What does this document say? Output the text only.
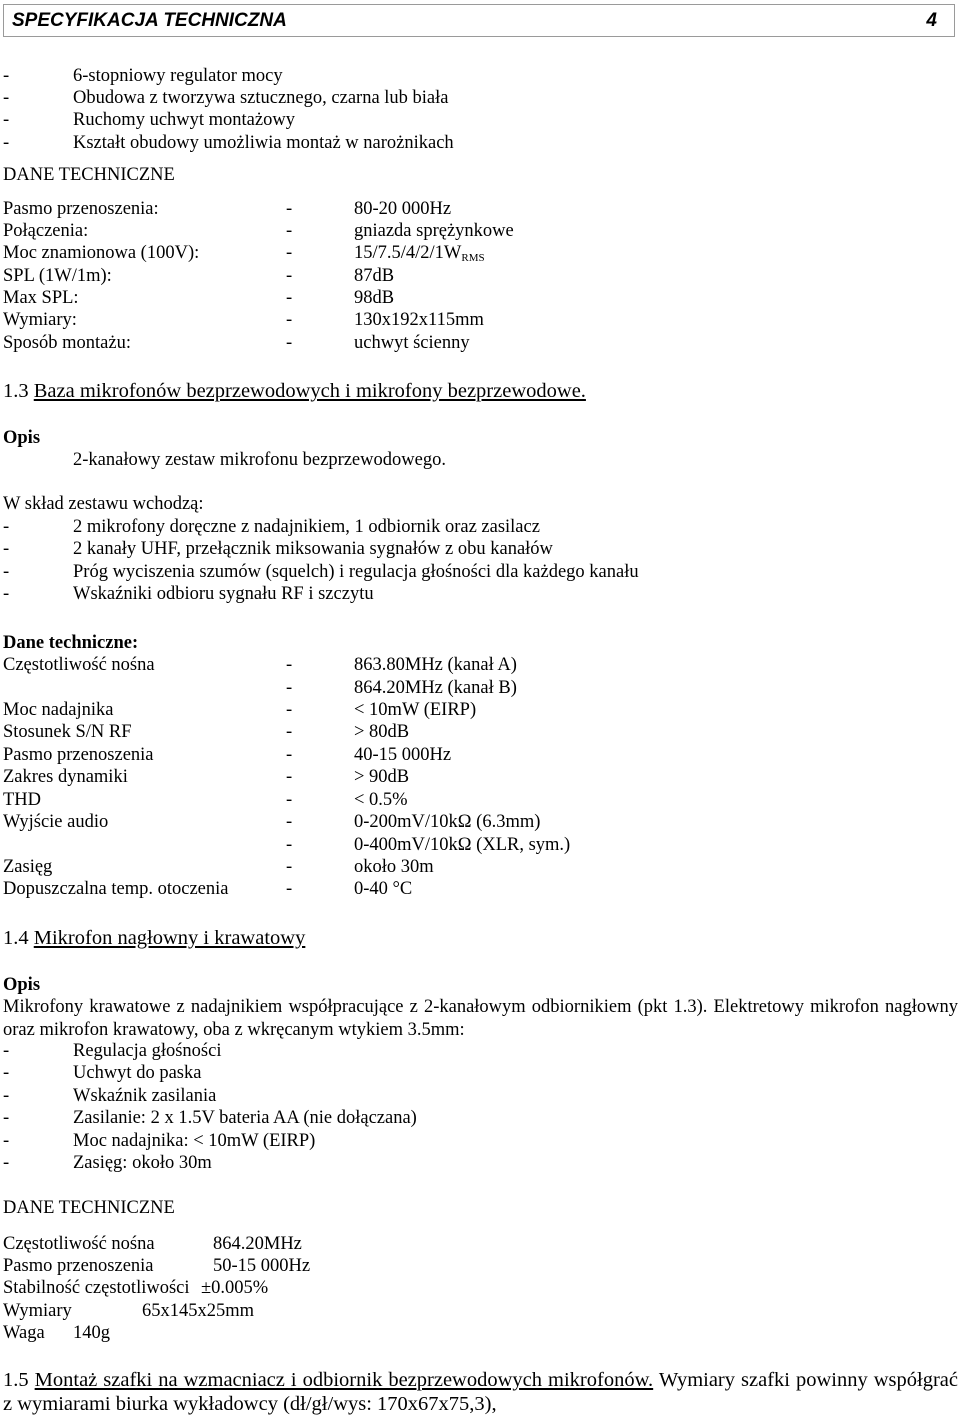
SPECYFIKACJA TECHNICZNA	4
-	6-stopniowy regulator mocy
-	Obudowa z tworzywa sztucznego, czarna lub biała
-	Ruchomy uchwyt montażowy
-	Kształt obudowy umożliwia montaż w narożnikach
DANE TECHNICZNE
Pasmo przenoszenia:	-	80-20 000Hz
Połączenia:	-	gniazda sprężynkowe
Moc znamionowa (100V):	-	$15/7.5/4/2/1W_{RMS}$
SPL (1W/1m):	-	87dB
Max SPL:	-	98dB
Wymiary:	-	130x192x115mm
Sposób montażu:	-	uchwyt ścienny
1.3 Baza mikrofonów bezprzewodowych i mikrofony bezprzewodowe.
Opis
2-kanałowy zestaw mikrofonu bezprzewodowego.
W skład zestawu wchodzą:
-	2 mikrofony doręczne z nadajnikiem, 1 odbiornik oraz zasilacz
-	2 kanały UHF, przełącznik miksowania sygnałów z obu kanałów
-	Próg wyciszenia szumów (squelch) i regulacja głośności dla każdego kanału
-	Wskaźniki odbioru sygnału RF i szczytu
Dane techniczne:
Częstotliwość nośna	-	863.80MHz (kanał A)
-	864.20MHz (kanał B)
Moc nadajnika	-	< 10mW (EIRP)
Stosunek S/N RF	-	> 80dB
Pasmo przenoszenia	-	40-15 000Hz
Zakres dynamiki	-	> 90dB
THD	-	< 0.5%
Wyjście audio	-	0-200mV/10kΩ (6.3mm)
-	0-400mV/10kΩ (XLR, sym.)
Zasięg	-	około 30m
Dopuszczalna temp. otoczenia	-	0-40 °C
1.4 Mikrofon nagłowny i krawatowy
Opis
Mikrofony krawatowe z nadajnikiem współpracujące z 2-kanałowym odbiornikiem (pkt 1.3). Elektretowy mikrofon nagłowny oraz mikrofon krawatowy, oba z wkręcanym wtykiem 3.5mm:
-	Regulacja głośności
-	Uchwyt do paska
-	Wskaźnik zasilania
-	Zasilanie: 2 x 1.5V bateria AA (nie dołączana)
-	Moc nadajnika: < 10mW (EIRP)
-	Zasięg: około 30m
DANE TECHNICZNE
Częstotliwość nośna	864.20MHz
Pasmo przenoszenia	50-15 000Hz
Stabilność częstotliwości ±0.005%
Wymiary	65x145x25mm
Waga 140g
1.5 Montaż szafki na wzmacniacz i odbiornik bezprzewodowych mikrofonów. Wymiary szafki powinny współgrać z wymiarami biurka wykładowcy (dł/gł/wys: 170x67x75,3),
